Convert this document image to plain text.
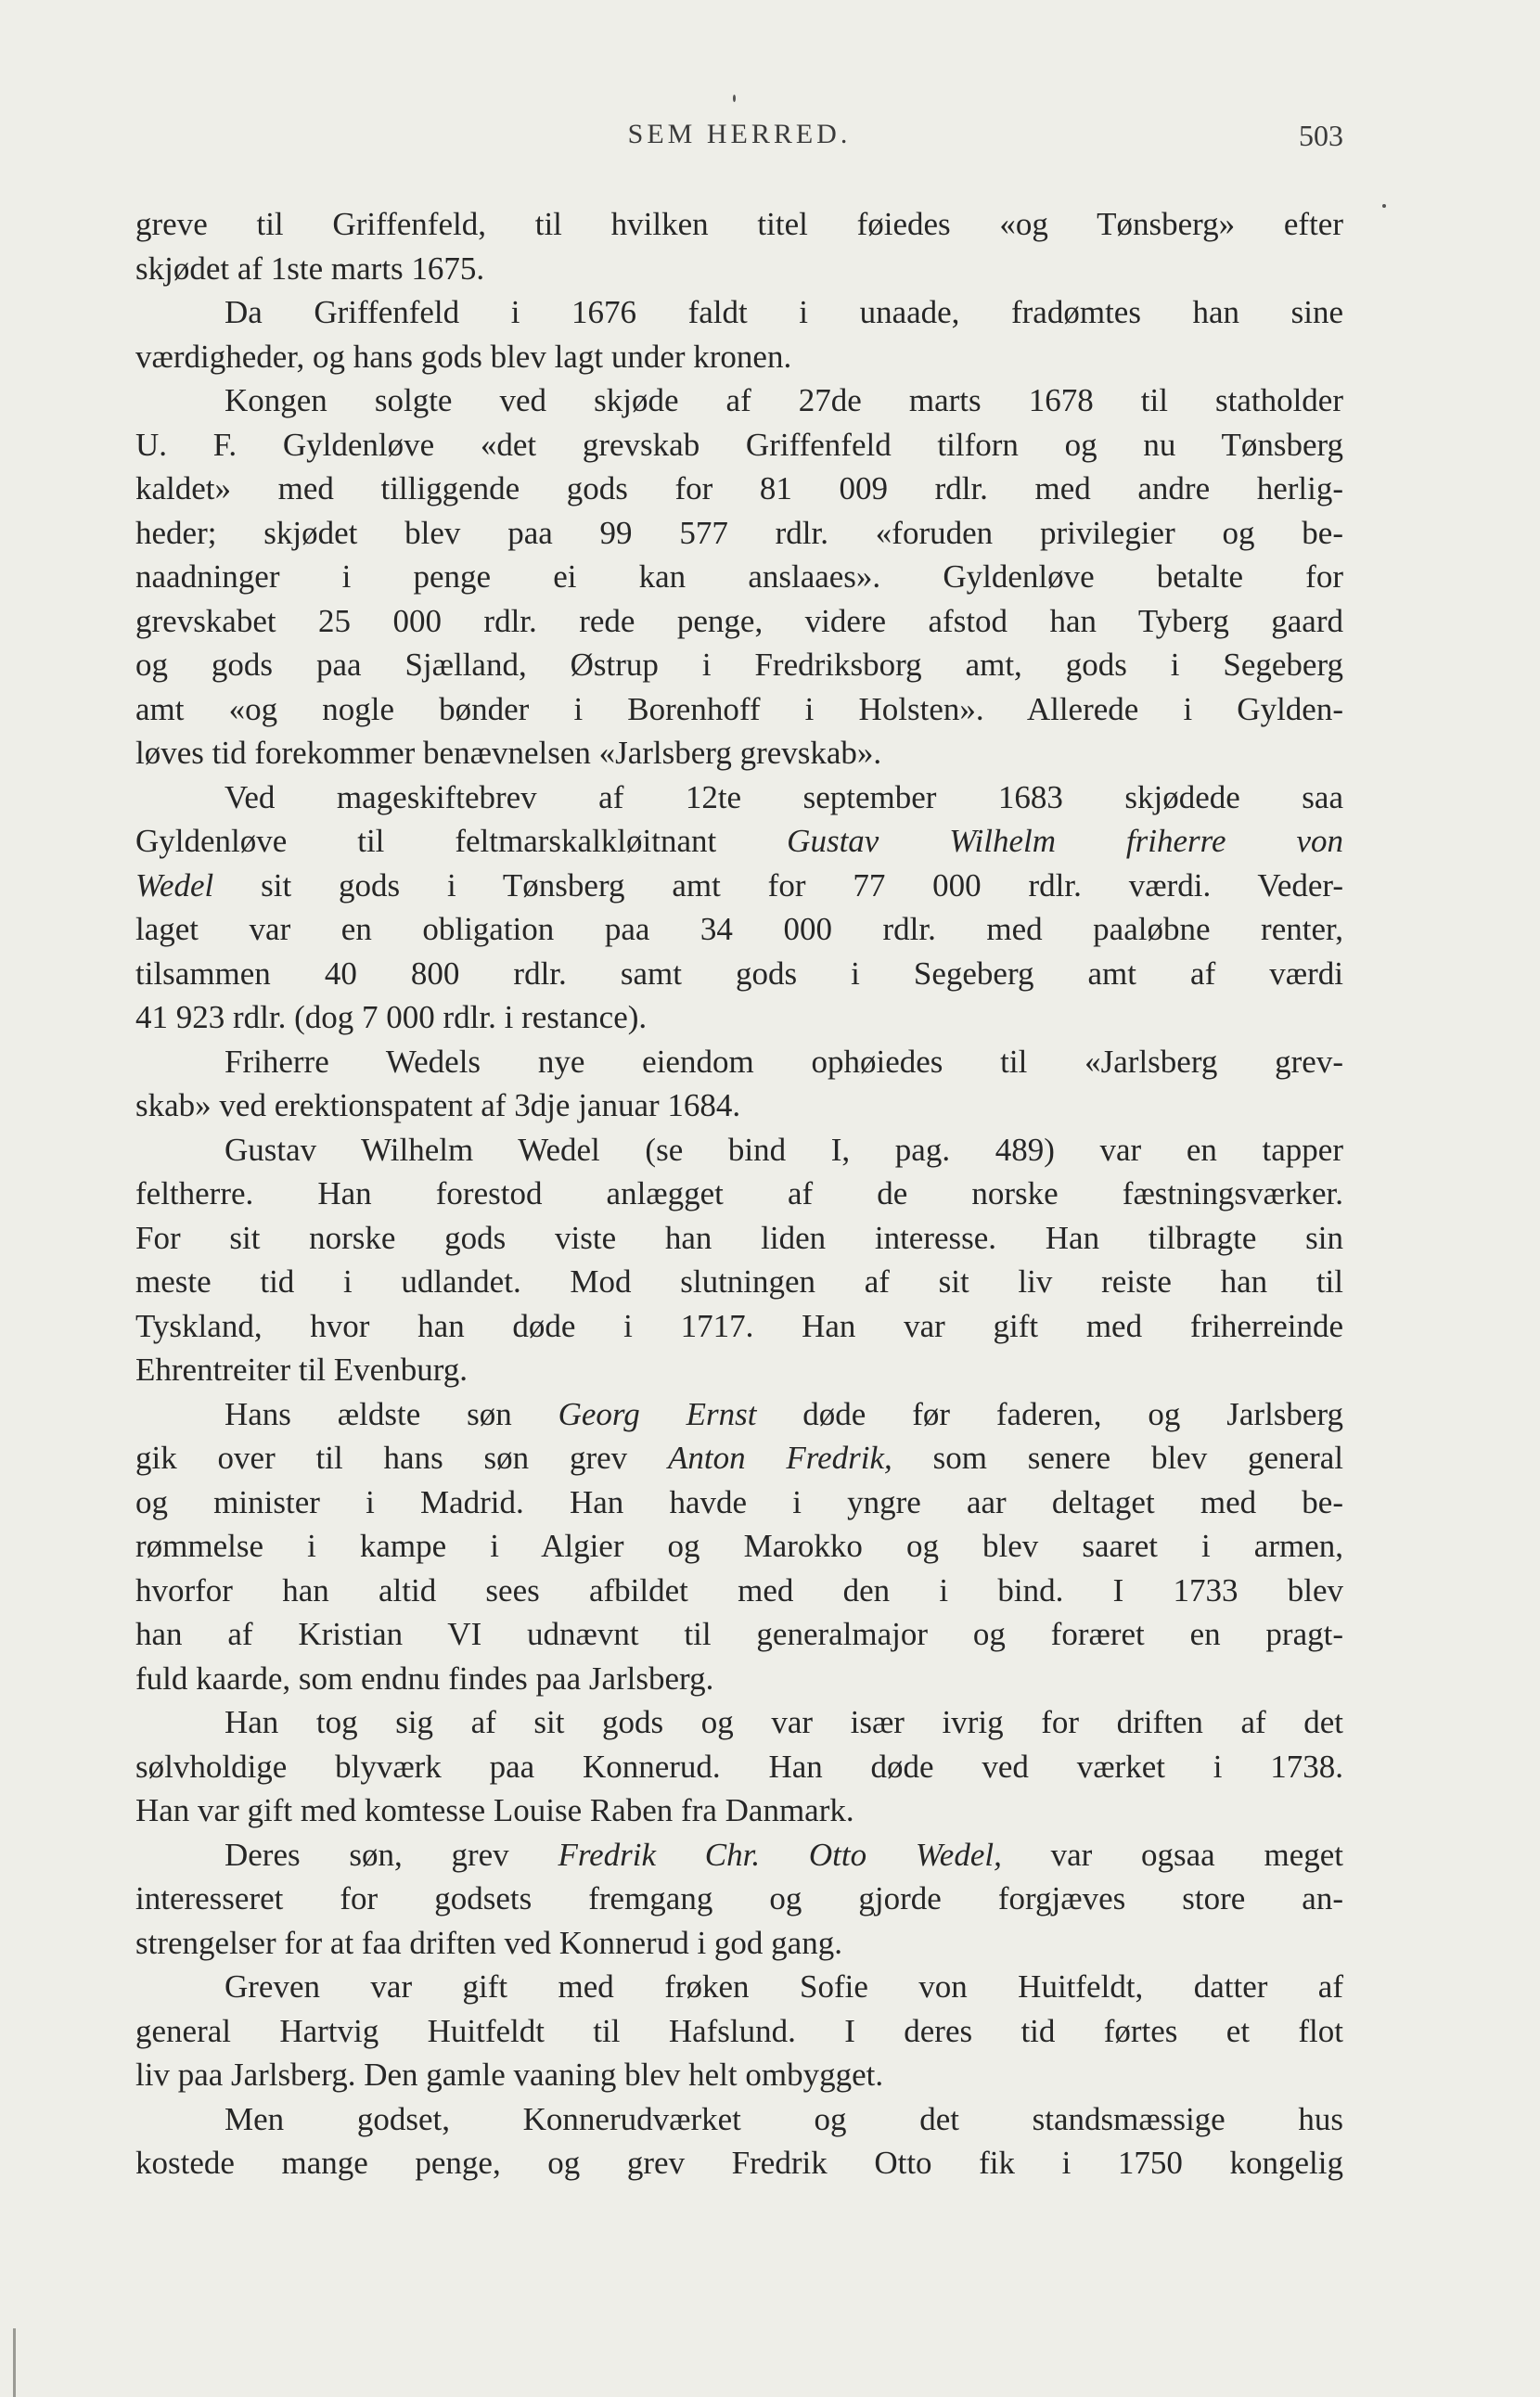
SEM HERRED.	503

greve til Griffenfeld, til hvilken titel føiedes «og Tønsberg» efter
skjødet af 1ste marts 1675.

Da Griffenfeld i 1676 faldt i unaade, fradømtes han sine
værdigheder, og hans gods blev lagt under kronen.

Kongen solgte ved skjøde af 27de marts 1678 til statholder
U. F. Gyldenløve «det grevskab Griffenfeld tilforn og nu Tønsberg
kaldet» med tilliggende gods for 81 009 rdlr. med andre herlig-
heder; skjødet blev paa 99 577 rdlr. «foruden privilegier og be-
naadninger i penge ei kan anslaaes». Gyldenløve betalte for
grevskabet 25 000 rdlr. rede penge, videre afstod han Tyberg gaard
og gods paa Sjælland, Østrup i Fredriksborg amt, gods i Segeberg
amt «og nogle bønder i Borenhoff i Holsten». Allerede i Gylden-
løves tid forekommer benævnelsen «Jarlsberg grevskab».

Ved mageskiftebrev af 12te september 1683 skjødede saa
Gyldenløve til feltmarskalkløitnant Gustav Wilhelm friherre von
Wedel sit gods i Tønsberg amt for 77 000 rdlr. værdi. Veder-
laget var en obligation paa 34 000 rdlr. med paaløbne renter,
tilsammen 40 800 rdlr. samt gods i Segeberg amt af værdi
41 923 rdlr. (dog 7 000 rdlr. i restance).

Friherre Wedels nye eiendom ophøiedes til «Jarlsberg grev-
skab» ved erektionspatent af 3dje januar 1684.

Gustav Wilhelm Wedel (se bind I, pag. 489) var en tapper
feltherre. Han forestod anlægget af de norske fæstningsværker.
For sit norske gods viste han liden interesse. Han tilbragte sin
meste tid i udlandet. Mod slutningen af sit liv reiste han til
Tyskland, hvor han døde i 1717. Han var gift med friherreinde
Ehrentreiter til Evenburg.

Hans ældste søn Georg Ernst døde før faderen, og Jarlsberg
gik over til hans søn grev Anton Fredrik, som senere blev general
og minister i Madrid. Han havde i yngre aar deltaget med be-
rømmelse i kampe i Algier og Marokko og blev saaret i armen,
hvorfor han altid sees afbildet med den i bind. I 1733 blev
han af Kristian VI udnævnt til generalmajor og foræret en pragt-
fuld kaarde, som endnu findes paa Jarlsberg.

Han tog sig af sit gods og var især ivrig for driften af det
sølvholdige blyværk paa Konnerud. Han døde ved værket i 1738.
Han var gift med komtesse Louise Raben fra Danmark.

Deres søn, grev Fredrik Chr. Otto Wedel, var ogsaa meget
interesseret for godsets fremgang og gjorde forgjæves store an-
strengelser for at faa driften ved Konnerud i god gang.

Greven var gift med frøken Sofie von Huitfeldt, datter af
general Hartvig Huitfeldt til Hafslund. I deres tid førtes et flot
liv paa Jarlsberg. Den gamle vaaning blev helt ombygget.

Men godset, Konnerudværket og det standsmæssige hus
kostede mange penge, og grev Fredrik Otto fik i 1750 kongelig
